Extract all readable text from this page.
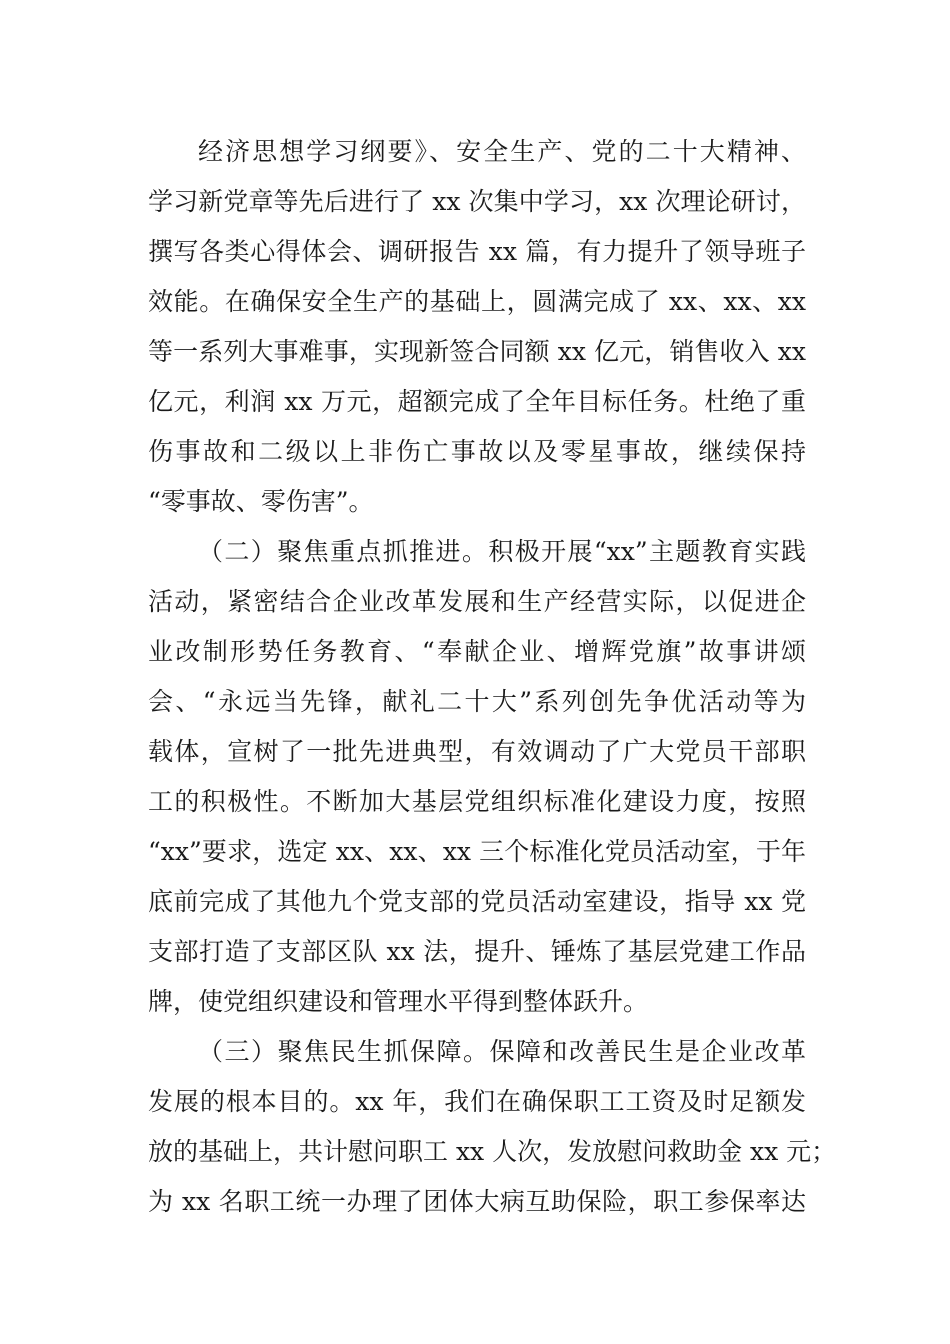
经济思想学习纲要》、安全生产、党的二十大精神、
学习新党章等先后进行了 xx 次集中学习，xx 次理论研讨，
撰写各类心得体会、调研报告 xx 篇，有力提升了领导班子
效能。在确保安全生产的基础上，圆满完成了 xx、xx、xx
等一系列大事难事，实现新签合同额 xx 亿元，销售收入 xx
亿元，利润 xx 万元，超额完成了全年目标任务。杜绝了重
伤事故和二级以上非伤亡事故以及零星事故，继续保持
“零事故、零伤害”。
（二）聚焦重点抓推进。积极开展“xx”主题教育实践
活动，紧密结合企业改革发展和生产经营实际，以促进企
业改制形势任务教育、“奉献企业、增辉党旗”故事讲颂
会、“永远当先锋，献礼二十大”系列创先争优活动等为
载体，宣树了一批先进典型，有效调动了广大党员干部职
工的积极性。不断加大基层党组织标准化建设力度，按照
“xx”要求，选定 xx、xx、xx 三个标准化党员活动室，于年
底前完成了其他九个党支部的党员活动室建设，指导 xx 党
支部打造了支部区队 xx 法，提升、锤炼了基层党建工作品
牌，使党组织建设和管理水平得到整体跃升。
（三）聚焦民生抓保障。保障和改善民生是企业改革
发展的根本目的。xx 年，我们在确保职工工资及时足额发
放的基础上，共计慰问职工 xx 人次，发放慰问救助金 xx 元；
为 xx 名职工统一办理了团体大病互助保险，职工参保率达
